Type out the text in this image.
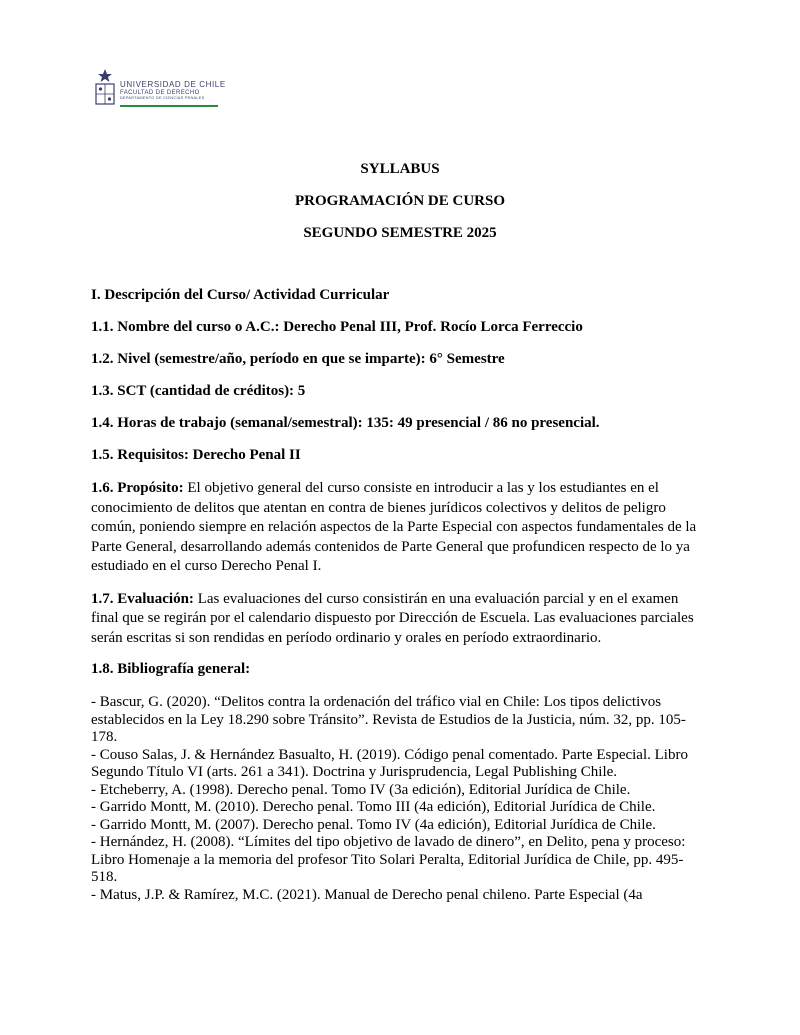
UNIVERSIDAD DE CHILE
FACULTAD DE DERECHO
DEPARTAMENTO DE CIENCIAS PENALES
SYLLABUS
PROGRAMACIÓN DE CURSO
SEGUNDO SEMESTRE 2025
I. Descripción del Curso/ Actividad Curricular
1.1. Nombre del curso o A.C.: Derecho Penal III, Prof. Rocío Lorca Ferreccio
1.2. Nivel (semestre/año, período en que se imparte): 6° Semestre
1.3. SCT (cantidad de créditos): 5
1.4. Horas de trabajo (semanal/semestral): 135: 49 presencial / 86 no presencial.
1.5. Requisitos: Derecho Penal II
1.6. Propósito: El objetivo general del curso consiste en introducir a las y los estudiantes en el conocimiento de delitos que atentan en contra de bienes jurídicos colectivos y delitos de peligro común, poniendo siempre en relación aspectos de la Parte Especial con aspectos fundamentales de la Parte General, desarrollando además contenidos de Parte General que profundicen respecto de lo ya estudiado en el curso Derecho Penal I.
1.7. Evaluación: Las evaluaciones del curso consistirán en una evaluación parcial y en el examen final que se regirán por el calendario dispuesto por Dirección de Escuela. Las evaluaciones parciales serán escritas si son rendidas en período ordinario y orales en período extraordinario.
1.8. Bibliografía general:
- Bascur, G. (2020). “Delitos contra la ordenación del tráfico vial en Chile: Los tipos delictivos establecidos en la Ley 18.290 sobre Tránsito”. Revista de Estudios de la Justicia, núm. 32, pp. 105-178.
- Couso Salas, J. & Hernández Basualto, H. (2019). Código penal comentado. Parte Especial. Libro Segundo Título VI (arts. 261 a 341). Doctrina y Jurisprudencia, Legal Publishing Chile.
- Etcheberry, A. (1998). Derecho penal. Tomo IV (3a edición), Editorial Jurídica de Chile.
- Garrido Montt, M. (2010). Derecho penal. Tomo III (4a edición), Editorial Jurídica de Chile.
- Garrido Montt, M. (2007). Derecho penal. Tomo IV (4a edición), Editorial Jurídica de Chile.
- Hernández, H. (2008). “Límites del tipo objetivo de lavado de dinero”, en Delito, pena y proceso: Libro Homenaje a la memoria del profesor Tito Solari Peralta, Editorial Jurídica de Chile, pp. 495-518.
- Matus, J.P. & Ramírez, M.C. (2021). Manual de Derecho penal chileno. Parte Especial (4a
